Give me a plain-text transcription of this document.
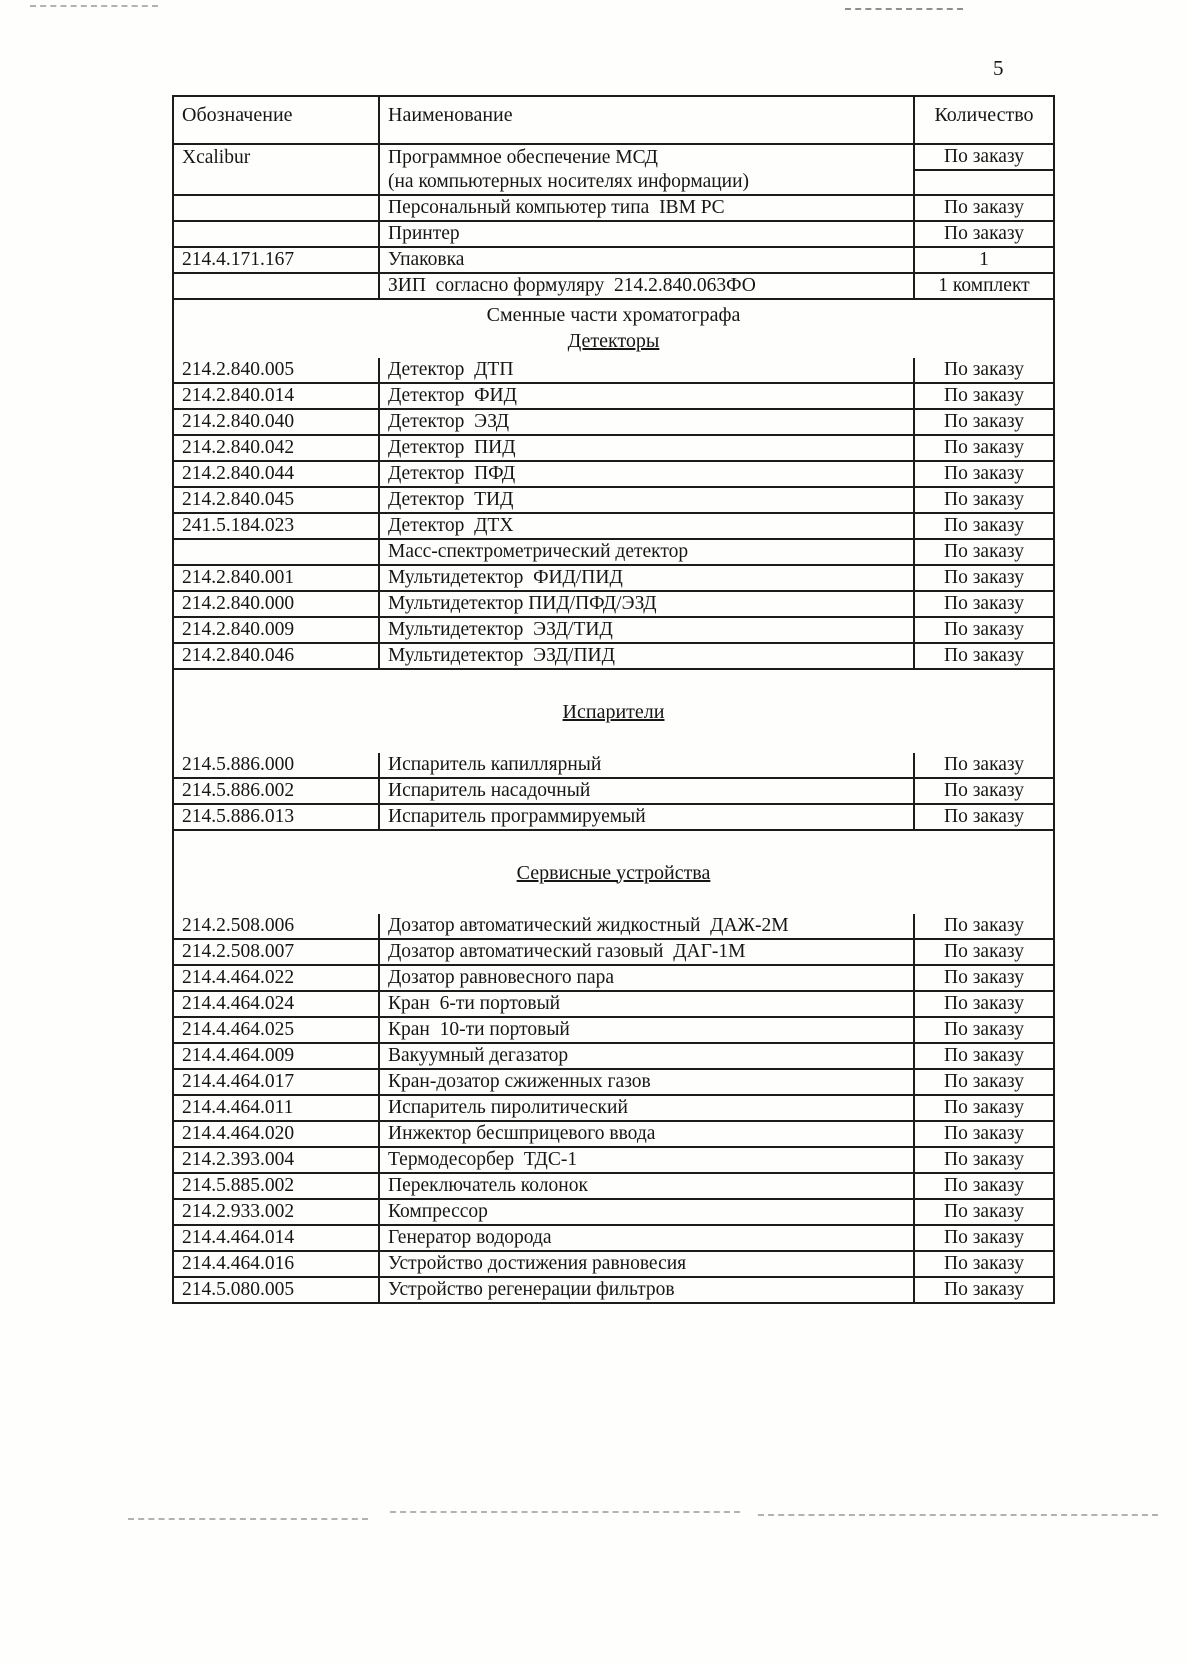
5
Обозначение	Наименование	Количество
Xcalibur	Программное обеспечение МСД	По заказу
	(на компьютерных носителях информации)	
	Персональный компьютер типа  IBM PC	По заказу
	Принтер	По заказу
214.4.171.167	Упаковка	1
	ЗИП  согласно формуляру  214.2.840.063ФО	1 комплект

Сменные части хроматографа
Детекторы		

214.2.840.005	Детектор  ДТП	По заказу
214.2.840.014	Детектор  ФИД	По заказу
214.2.840.040	Детектор  ЭЗД	По заказу
214.2.840.042	Детектор  ПИД	По заказу
214.2.840.044	Детектор  ПФД	По заказу
214.2.840.045	Детектор  ТИД	По заказу
241.5.184.023	Детектор  ДТХ	По заказу
	Масс-спектрометрический детектор	По заказу
214.2.840.001	Мультидетектор  ФИД/ПИД	По заказу
214.2.840.000	Мультидетектор ПИД/ПФД/ЭЗД	По заказу
214.2.840.009	Мультидетектор  ЭЗД/ТИД	По заказу
214.2.840.046	Мультидетектор  ЭЗД/ПИД	По заказу

Испарители		

214.5.886.000	Испаритель капиллярный	По заказу
214.5.886.002	Испаритель насадочный	По заказу
214.5.886.013	Испаритель программируемый	По заказу

Сервисные устройства		

214.2.508.006	Дозатор автоматический жидкостный  ДАЖ-2М	По заказу
214.2.508.007	Дозатор автоматический газовый  ДАГ-1М	По заказу
214.4.464.022	Дозатор равновесного пара	По заказу
214.4.464.024	Кран  6-ти портовый	По заказу
214.4.464.025	Кран  10-ти портовый	По заказу
214.4.464.009	Вакуумный дегазатор	По заказу
214.4.464.017	Кран-дозатор сжиженных газов	По заказу
214.4.464.011	Испаритель пиролитический	По заказу
214.4.464.020	Инжектор бесшприцевого ввода	По заказу
214.2.393.004	Термодесорбер  ТДС-1	По заказу
214.5.885.002	Переключатель колонок	По заказу
214.2.933.002	Компрессор	По заказу
214.4.464.014	Генератор водорода	По заказу
214.4.464.016	Устройство достижения равновесия	По заказу
214.5.080.005	Устройство регенерации фильтров	По заказу
